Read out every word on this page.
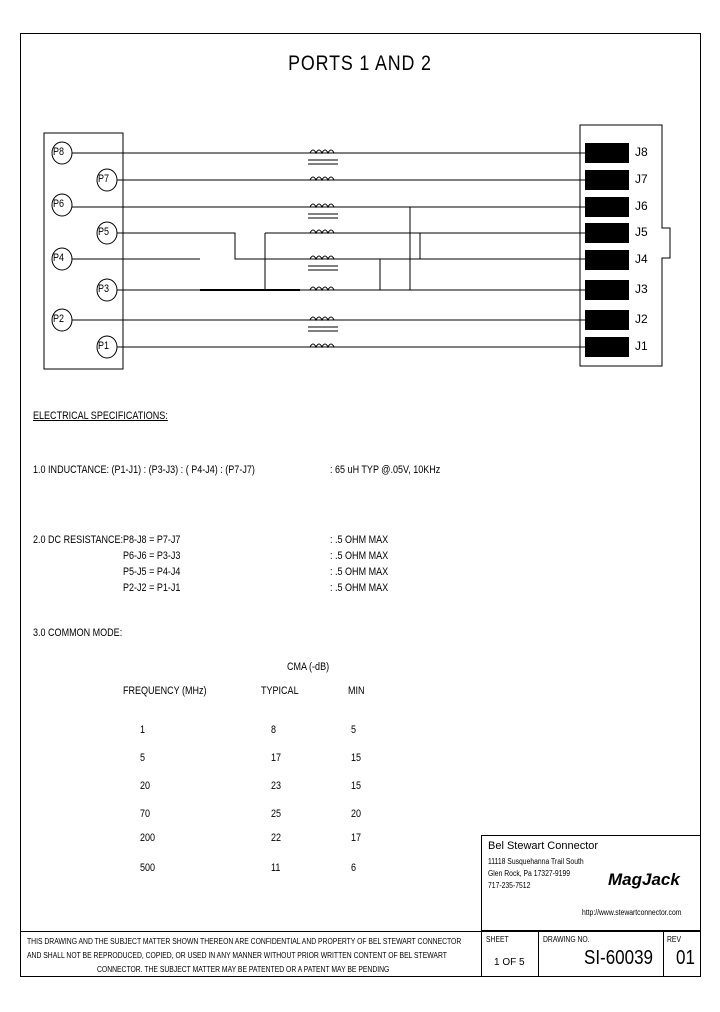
PORTS 1 AND 2
P8
P7
P6
P5
P4
P3
P2
P1
J8
J7
J6
J5
J4
J3
J2
J1
ELECTRICAL SPECIFICATIONS:
1.0 INDUCTANCE: (P1-J1) : (P3-J3) : ( P4-J4) : (P7-J7)	: 65 uH TYP @.05V, 10KHz
2.0 DC RESISTANCE: P8-J8 = P7-J7	: .5 OHM MAX
P6-J6 = P3-J3	: .5 OHM MAX
P5-J5 = P4-J4	: .5 OHM MAX
P2-J2 = P1-J1	: .5 OHM MAX
3.0 COMMON MODE:
CMA (-dB)
FREQUENCY (MHz)	TYPICAL	MIN
1	8	5
5	17	15
20	23	15
70	25	20
200	22	17
500	11	6
Bel Stewart Connector
11118 Susquehanna Trail South
Glen Rock, Pa 17327-9199
717-235-7512	MagJack
http://www.stewartconnector.com
THIS DRAWING AND THE SUBJECT MATTER SHOWN THEREON ARE CONFIDENTIAL AND PROPERTY OF BEL STEWART CONNECTOR
AND SHALL NOT BE REPRODUCED, COPIED, OR USED IN ANY MANNER WITHOUT PRIOR WRITTEN CONTENT OF BEL STEWART
CONNECTOR. THE SUBJECT MATTER MAY BE PATENTED OR A PATENT MAY BE PENDING
SHEET
1 OF 5
DRAWING NO.
SI-60039
REV
01
